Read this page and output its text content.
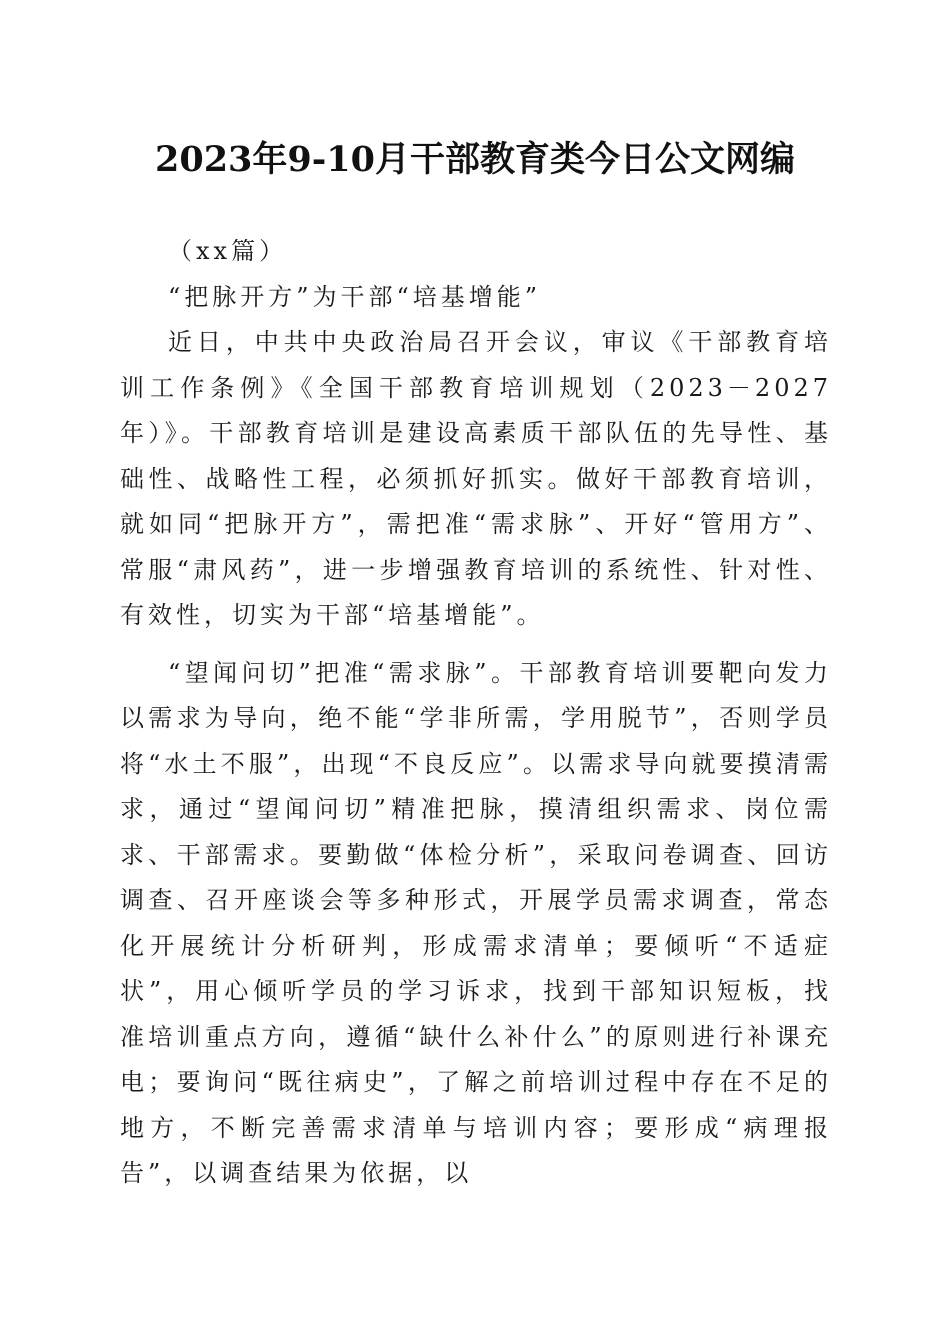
2023年9-10月干部教育类今日公文网编

（xx篇）

“把脉开方”为干部“培基增能”

近日，中共中央政治局召开会议，审议《干部教育培训工作条例》《全国干部教育培训规划（2023－2027年）》。干部教育培训是建设高素质干部队伍的先导性、基础性、战略性工程，必须抓好抓实。做好干部教育培训，就如同“把脉开方”，需把准“需求脉”、开好“管用方”、常服“肃风药”，进一步增强教育培训的系统性、针对性、有效性，切实为干部“培基增能”。

“望闻问切”把准“需求脉”。干部教育培训要靶向发力以需求为导向，绝不能“学非所需，学用脱节”，否则学员将“水土不服”，出现“不良反应”。以需求导向就要摸清需求，通过“望闻问切”精准把脉，摸清组织需求、岗位需求、干部需求。要勤做“体检分析”，采取问卷调查、回访调查、召开座谈会等多种形式，开展学员需求调查，常态化开展统计分析研判，形成需求清单；要倾听“不适症状”，用心倾听学员的学习诉求，找到干部知识短板，找准培训重点方向，遵循“缺什么补什么”的原则进行补课充电；要询问“既往病史”，了解之前培训过程中存在不足的地方，不断完善需求清单与培训内容；要形成“病理报告”，以调查结果为依据，以
